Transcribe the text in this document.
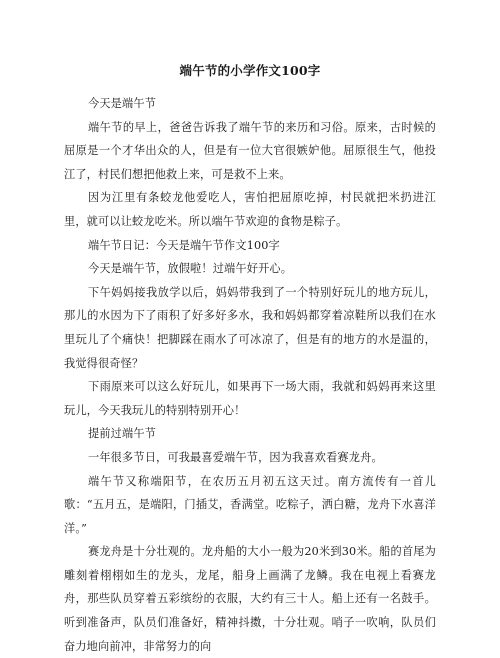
端午节的小学作文100字

今天是端午节

端午节的早上，爸爸告诉我了端午节的来历和习俗。原来，古时候的屈原是一个才华出众的人，但是有一位大官很嫉妒他。屈原很生气，他投江了，村民们想把他救上来，可是救不上来。

因为江里有条蛟龙他爱吃人，害怕把屈原吃掉，村民就把米扔进江里，就可以让蛟龙吃米。所以端午节欢迎的食物是粽子。

端午节日记：今天是端午节作文100字

今天是端午节，放假啦！过端午好开心。

下午妈妈接我放学以后，妈妈带我到了一个特别好玩儿的地方玩儿，那儿的水因为下了雨积了好多好多水，我和妈妈都穿着凉鞋所以我们在水里玩儿了个痛快！把脚踩在雨水了可冰凉了，但是有的地方的水是温的，我觉得很奇怪？

下雨原来可以这么好玩儿，如果再下一场大雨，我就和妈妈再来这里玩儿，今天我玩儿的特别特别开心！

提前过端午节

一年很多节日，可我最喜爱端午节，因为我喜欢看赛龙舟。

端午节又称端阳节，在农历五月初五这天过。南方流传有一首儿歌：“五月五，是端阳，门插艾，香满堂。吃粽子，洒白糖，龙舟下水喜洋洋。”

赛龙舟是十分壮观的。龙舟船的大小一般为20米到30米。船的首尾为雕刻着栩栩如生的龙头，龙尾，船身上画满了龙鳞。我在电视上看赛龙舟，那些队员穿着五彩缤纷的衣服，大约有三十人。船上还有一名鼓手。听到准备声，队员们准备好，精神抖擞，十分壮观。哨子一吹响，队员们奋力地向前冲，非常努力的向
